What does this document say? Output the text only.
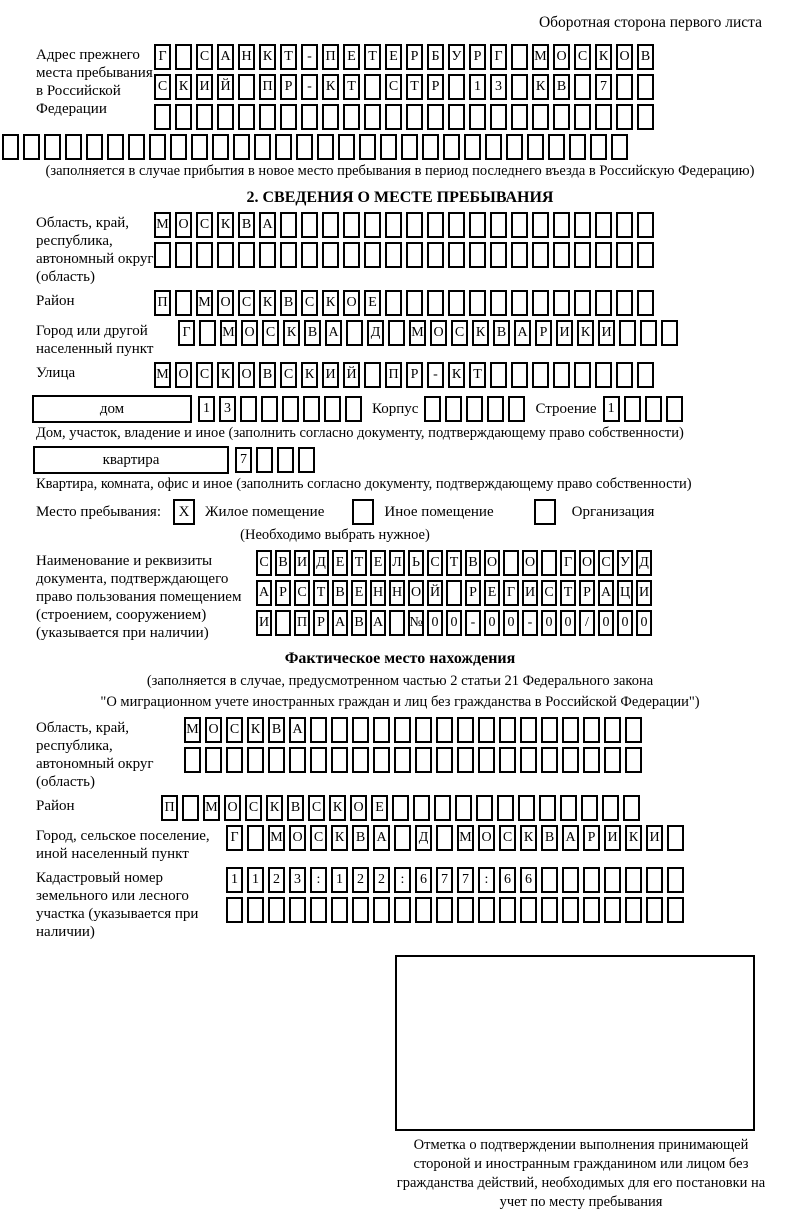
Оборотная сторона первого листа
Адрес прежнего места пребывания в Российской Федерации
Г	С А Н К Т	- П Е Т Е Р Б У Р Г	М О С К О В
С К И Й П Р	-	К Т	С Т Р	1	3	К В	7
(заполняется в случае прибытия в новое место пребывания в период последнего въезда в Российскую Федерацию)
2. СВЕДЕНИЯ О МЕСТЕ ПРЕБЫВАНИЯ
Область, край, республика, автономный округ (область)
М О С К В А
Район	П М О С К В С К О Е
Город или другой населенный пункт
Г	М О С К В А Д М О С К В А Р И К И
Улица	М О С К О В С К И Й П Р	-	К Т
дом	1	3	Корпус	Строение 1
Дом, участок, владение и иное (заполнить согласно документу, подтверждающему право собственности)
квартира	7
Квартира, комната, офис и иное (заполнить согласно документу, подтверждающему право собственности)
Место пребывания:	X	Жилое помещение	Иное помещение	Организация
(Необходимо выбрать нужное)
Наименование и реквизиты документа, подтверждающего право пользования помещением (строением, сооружением) (указывается при наличии)
С В И Д Е Т Е Л Ь С Т В О О Г О С У Д
А Р С Т В Е Н Н О Й Р Е Г И С Т Р А Ц И
И П Р А В А № 0 0 - 0 0 - 0 0 / 0 0 0
Фактическое место нахождения
(заполняется в случае, предусмотренном частью 2 статьи 21 Федерального закона
"О миграционном учете иностранных граждан и лиц без гражданства в Российской Федерации")
Область, край, республика, автономный округ (область)
М О С К В А
Район	П М О С К В С К О Е
Город, сельское поселение, иной населенный пункт
Г	М О С К В А Д М О С К В А Р И К И
Кадастровый номер земельного или лесного участка (указывается при наличии)
1	1	2	3	:	1	2	2	:	6	7	7	:	6	6
Отметка о подтверждении выполнения принимающей стороной и иностранным гражданином или лицом без гражданства действий, необходимых для его постановки на учет по месту пребывания
